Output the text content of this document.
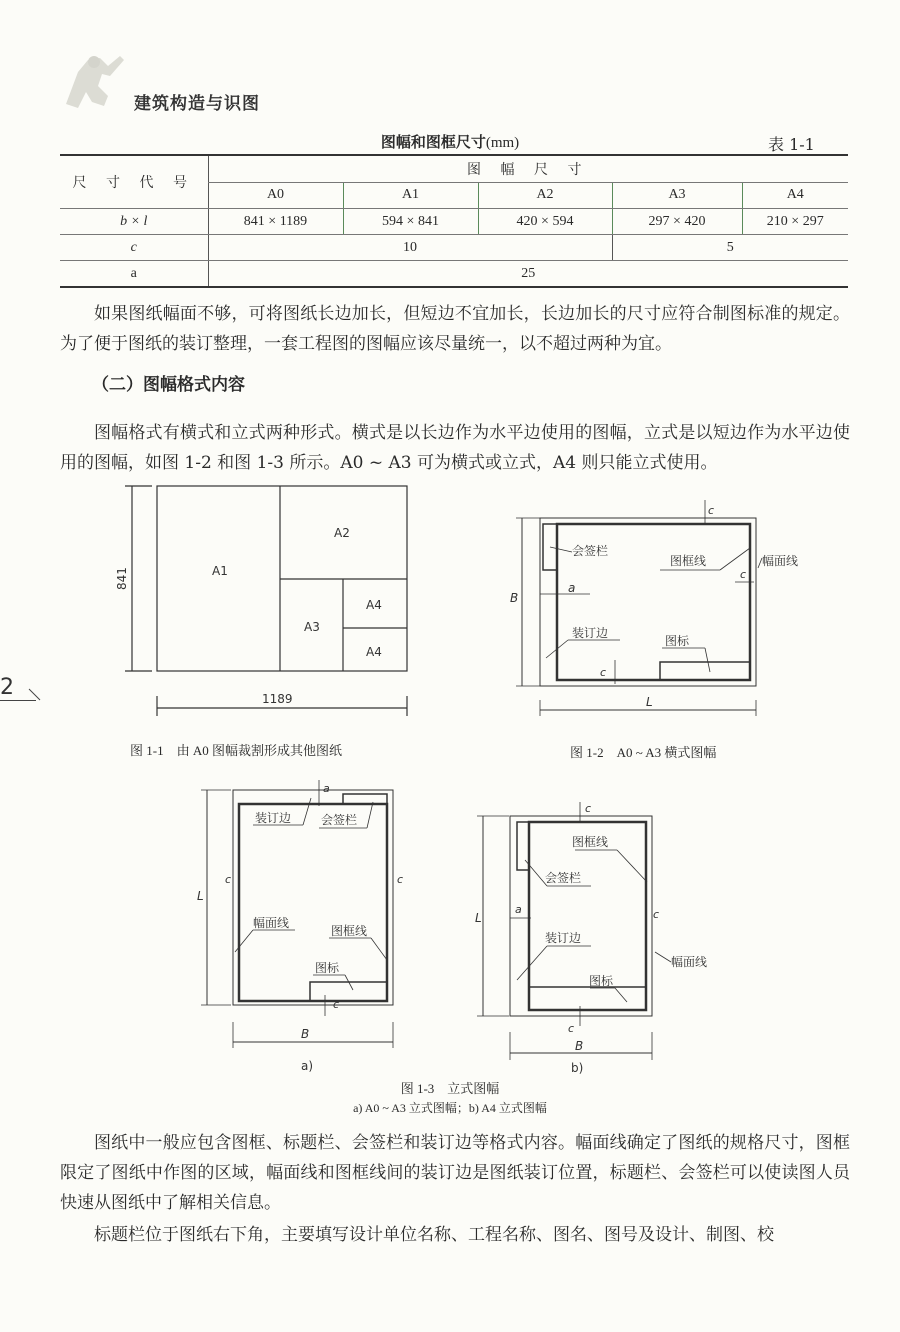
建筑构造与识图
图幅和图框尺寸(mm)	表 1-1
尺 寸 代 号	图 幅 尺 寸				
	A0	A1	A2	A3	A4
b × l	841 × 1189	594 × 841	420 × 594	297 × 420	210 × 297
c	10			5	
a	25				

如果图纸幅面不够，可将图纸长边加长，但短边不宜加长，长边加长的尺寸应符合制图标准的规定。为了便于图纸的装订整理，一套工程图的图幅应该尽量统一，以不超过两种为宜。

（二）图幅格式内容

图幅格式有横式和立式两种形式。横式是以长边作为水平边使用的图幅，立式是以短边作为水平边使用的图幅，如图 1-2 和图 1-3 所示。A0 ~ A3 可为横式或立式，A4 则只能立式使用。

A1
A2
A3
A4
A4
841
1189
图 1-1　由 A0 图幅裁割形成其他图纸
会签栏
图框线	幅面线
装订边
图标
a
c
c
c
B
L
图 1-2　A0 ~ A3 横式图幅
装订边 会签栏
幅面线
图框线
图标
a
c	c
c
L
B
a)
图框线
会签栏
装订边
幅面线
图标
a
c
c
c
L
B
b)
图 1-3　立式图幅
a) A0 ~ A3 立式图幅；b) A4 立式图幅

图纸中一般应包含图框、标题栏、会签栏和装订边等格式内容。幅面线确定了图纸的规格尺寸，图框限定了图纸中作图的区域，幅面线和图框线间的装订边是图纸装订位置，标题栏、会签栏可以使读图人员快速从图纸中了解相关信息。

标题栏位于图纸右下角，主要填写设计单位名称、工程名称、图名、图号及设计、制图、校

2
